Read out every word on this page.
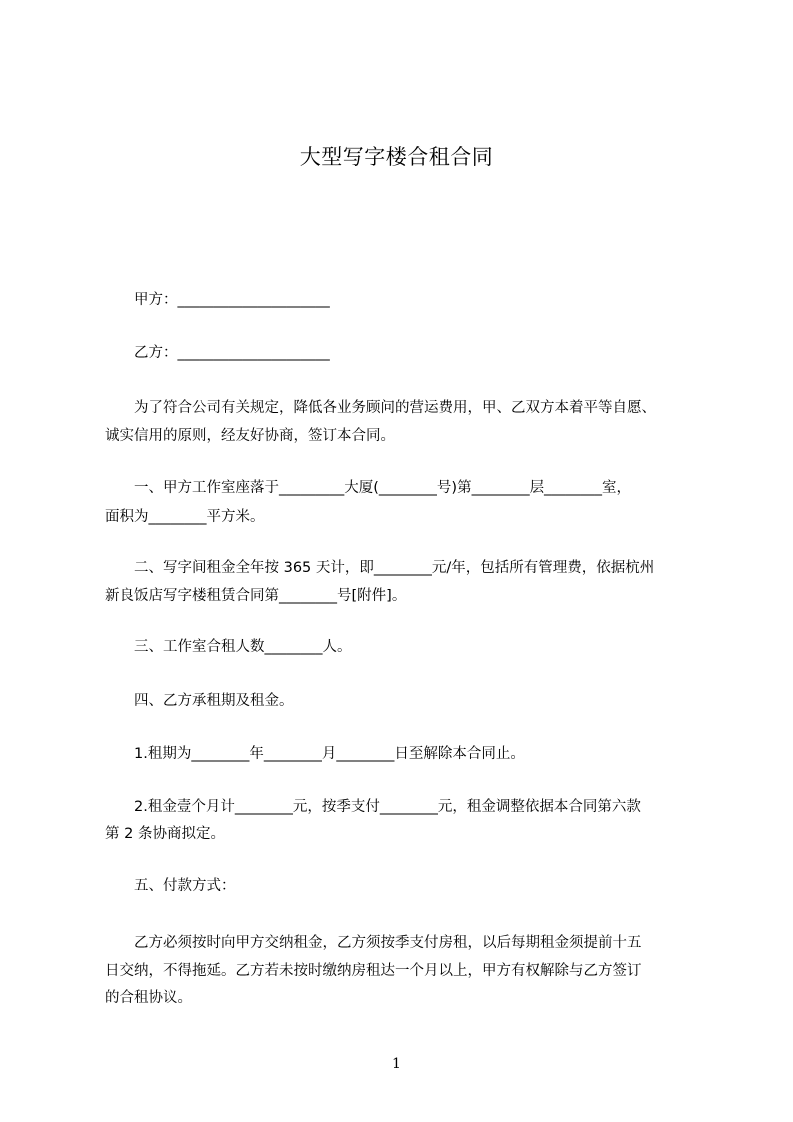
大型写字楼合租合同
　　甲方：_____________________
　　乙方：_____________________
　　为了符合公司有关规定，降低各业务顾问的营运费用，甲、乙双方本着平等自愿、
诚实信用的原则，经友好协商，签订本合同。
　　一、甲方工作室座落于_________大厦(________号)第________层________室，
面积为________平方米。
　　二、写字间租金全年按 365 天计，即________元/年，包括所有管理费，依据杭州
新良饭店写字楼租赁合同第________号[附件]。
　　三、工作室合租人数________人。
　　四、乙方承租期及租金。
　　1.租期为________年________月________日至解除本合同止。
　　2.租金壹个月计________元，按季支付________元，租金调整依据本合同第六款
第 2 条协商拟定。
　　五、付款方式：
　　乙方必须按时向甲方交纳租金，乙方须按季支付房租，以后每期租金须提前十五
日交纳，不得拖延。乙方若未按时缴纳房租达一个月以上，甲方有权解除与乙方签订
的合租协议。
1
